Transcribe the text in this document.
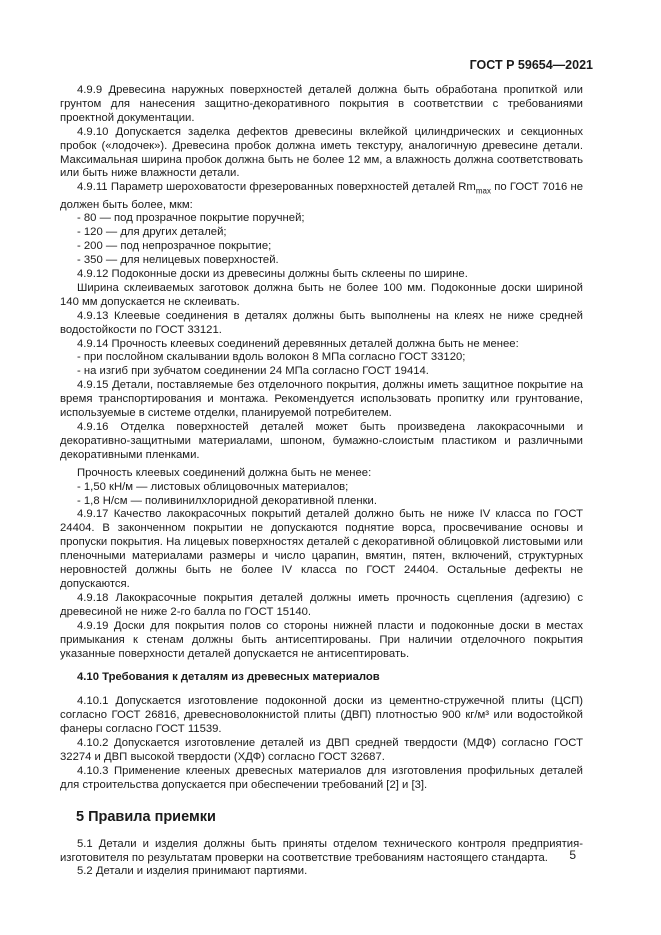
ГОСТ Р 59654—2021

4.9.9 Древесина наружных поверхностей деталей должна быть обработана пропиткой или грунтом для нанесения защитно-декоративного покрытия в соответствии с требованиями проектной документации.

4.9.10 Допускается заделка дефектов древесины вклейкой цилиндрических и секционных пробок («лодочек»). Древесина пробок должна иметь текстуру, аналогичную древесине детали. Максимальная ширина пробок должна быть не более 12 мм, а влажность должна соответствовать или быть ниже влажности детали.

4.9.11 Параметр шероховатости фрезерованных поверхностей деталей $Rm_{max}$ по ГОСТ 7016 не должен быть более, мкм:

- 80 — под прозрачное покрытие поручней;

- 120 — для других деталей;

- 200 — под непрозрачное покрытие;

- 350 — для нелицевых поверхностей.

4.9.12 Подоконные доски из древесины должны быть склеены по ширине.

Ширина склеиваемых заготовок должна быть не более 100 мм. Подоконные доски шириной 140 мм допускается не склеивать.

4.9.13 Клеевые соединения в деталях должны быть выполнены на клеях не ниже средней водостойкости по ГОСТ 33121.

4.9.14 Прочность клеевых соединений деревянных деталей должна быть не менее:

- при послойном скалывании вдоль волокон 8 МПа согласно ГОСТ 33120;

- на изгиб при зубчатом соединении 24 МПа согласно ГОСТ 19414.

4.9.15 Детали, поставляемые без отделочного покрытия, должны иметь защитное покрытие на время транспортирования и монтажа. Рекомендуется использовать пропитку или грунтование, используемые в системе отделки, планируемой потребителем.

4.9.16 Отделка поверхностей деталей может быть произведена лакокрасочными и декоративно-защитными материалами, шпоном, бумажно-слоистым пластиком и различными декоративными пленками.

Прочность клеевых соединений должна быть не менее:

- 1,50 кН/м — листовых облицовочных материалов;

- 1,8 Н/см — поливинилхлоридной декоративной пленки.

4.9.17 Качество лакокрасочных покрытий деталей должно быть не ниже IV класса по ГОСТ 24404. В законченном покрытии не допускаются поднятие ворса, просвечивание основы и пропуски покрытия. На лицевых поверхностях деталей с декоративной облицовкой листовыми или пленочными материалами размеры и число царапин, вмятин, пятен, включений, структурных неровностей должны быть не более IV класса по ГОСТ 24404. Остальные дефекты не допускаются.

4.9.18 Лакокрасочные покрытия деталей должны иметь прочность сцепления (адгезию) с древесиной не ниже 2-го балла по ГОСТ 15140.

4.9.19 Доски для покрытия полов со стороны нижней пласти и подоконные доски в местах примыкания к стенам должны быть антисептированы. При наличии отделочного покрытия указанные поверхности деталей допускается не антисептировать.

4.10 Требования к деталям из древесных материалов

4.10.1 Допускается изготовление подоконной доски из цементно-стружечной плиты (ЦСП) согласно ГОСТ 26816, древесноволокнистой плиты (ДВП) плотностью 900 кг/м³ или водостойкой фанеры согласно ГОСТ 11539.

4.10.2 Допускается изготовление деталей из ДВП средней твердости (МДФ) согласно ГОСТ 32274 и ДВП высокой твердости (ХДФ) согласно ГОСТ 32687.

4.10.3 Применение клееных древесных материалов для изготовления профильных деталей для строительства допускается при обеспечении требований [2] и [3].

5 Правила приемки

5.1 Детали и изделия должны быть приняты отделом технического контроля предприятия-изготовителя по результатам проверки на соответствие требованиям настоящего стандарта.

5.2 Детали и изделия принимают партиями.

5
